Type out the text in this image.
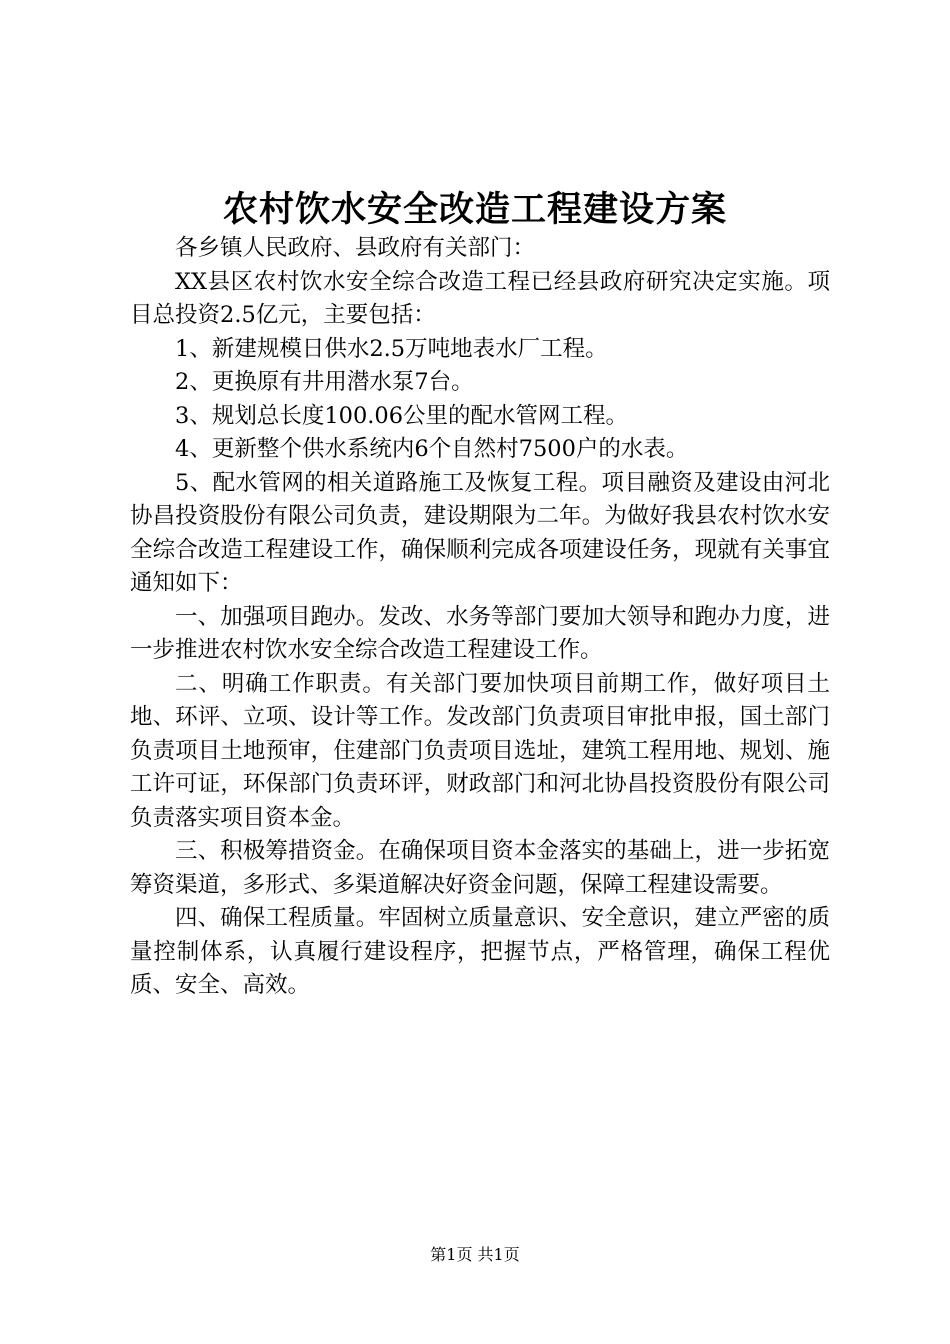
农村饮水安全改造工程建设方案

各乡镇人民政府、县政府有关部门：

XX县区农村饮水安全综合改造工程已经县政府研究决定实施。项目总投资2.5亿元，主要包括：

1、新建规模日供水2.5万吨地表水厂工程。

2、更换原有井用潜水泵7台。

3、规划总长度100.06公里的配水管网工程。

4、更新整个供水系统内6个自然村7500户的水表。

5、配水管网的相关道路施工及恢复工程。项目融资及建设由河北协昌投资股份有限公司负责，建设期限为二年。为做好我县农村饮水安全综合改造工程建设工作，确保顺利完成各项建设任务，现就有关事宜通知如下：

一、加强项目跑办。发改、水务等部门要加大领导和跑办力度，进一步推进农村饮水安全综合改造工程建设工作。

二、明确工作职责。有关部门要加快项目前期工作，做好项目土地、环评、立项、设计等工作。发改部门负责项目审批申报，国土部门负责项目土地预审，住建部门负责项目选址，建筑工程用地、规划、施工许可证，环保部门负责环评，财政部门和河北协昌投资股份有限公司负责落实项目资本金。

三、积极筹措资金。在确保项目资本金落实的基础上，进一步拓宽筹资渠道，多形式、多渠道解决好资金问题，保障工程建设需要。

四、确保工程质量。牢固树立质量意识、安全意识，建立严密的质量控制体系，认真履行建设程序，把握节点，严格管理，确保工程优质、安全、高效。

第1页 共1页
